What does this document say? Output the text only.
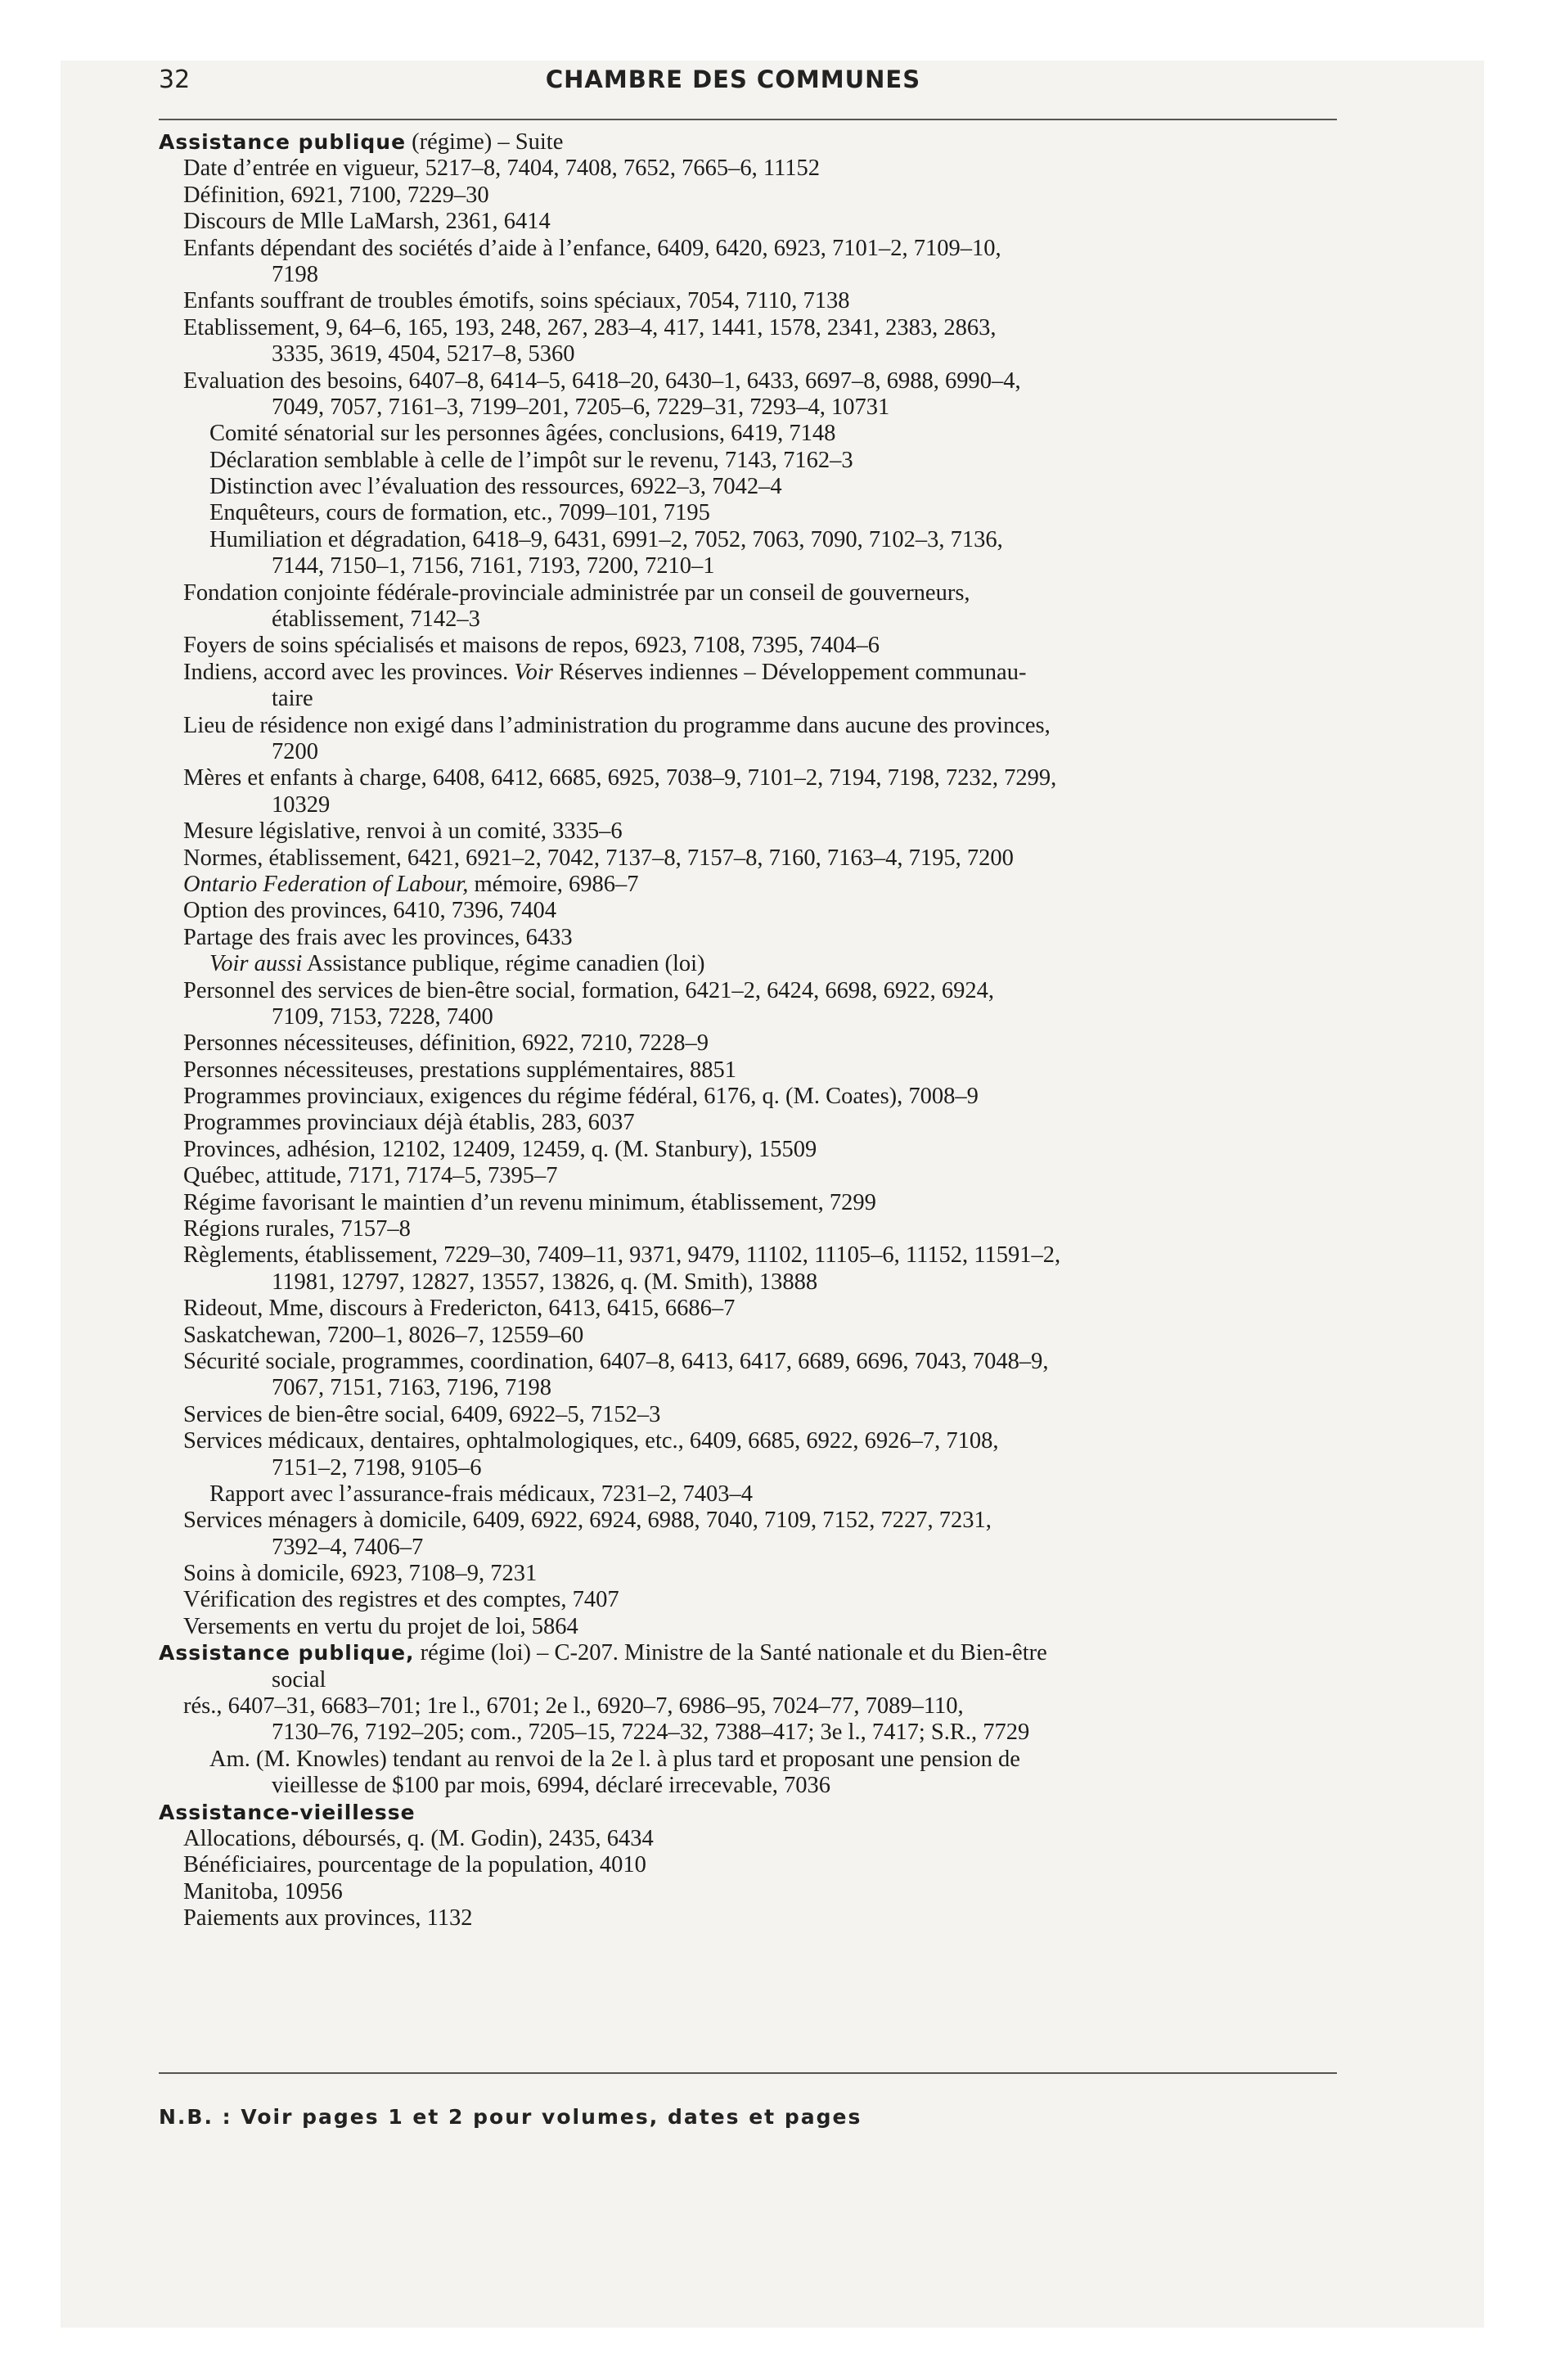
32	CHAMBRE DES COMMUNES
Assistance publique (régime) – Suite
Date d’entrée en vigueur, 5217–8, 7404, 7408, 7652, 7665–6, 11152
Définition, 6921, 7100, 7229–30
Discours de Mlle LaMarsh, 2361, 6414
Enfants dépendant des sociétés d’aide à l’enfance, 6409, 6420, 6923, 7101–2, 7109–10,
7198
Enfants souffrant de troubles émotifs, soins spéciaux, 7054, 7110, 7138
Etablissement, 9, 64–6, 165, 193, 248, 267, 283–4, 417, 1441, 1578, 2341, 2383, 2863,
3335, 3619, 4504, 5217–8, 5360
Evaluation des besoins, 6407–8, 6414–5, 6418–20, 6430–1, 6433, 6697–8, 6988, 6990–4,
7049, 7057, 7161–3, 7199–201, 7205–6, 7229–31, 7293–4, 10731
Comité sénatorial sur les personnes âgées, conclusions, 6419, 7148
Déclaration semblable à celle de l’impôt sur le revenu, 7143, 7162–3
Distinction avec l’évaluation des ressources, 6922–3, 7042–4
Enquêteurs, cours de formation, etc., 7099–101, 7195
Humiliation et dégradation, 6418–9, 6431, 6991–2, 7052, 7063, 7090, 7102–3, 7136,
7144, 7150–1, 7156, 7161, 7193, 7200, 7210–1
Fondation conjointe fédérale-provinciale administrée par un conseil de gouverneurs,
établissement, 7142–3
Foyers de soins spécialisés et maisons de repos, 6923, 7108, 7395, 7404–6
Indiens, accord avec les provinces. Voir Réserves indiennes – Développement communau-
taire
Lieu de résidence non exigé dans l’administration du programme dans aucune des provinces,
7200
Mères et enfants à charge, 6408, 6412, 6685, 6925, 7038–9, 7101–2, 7194, 7198, 7232, 7299,
10329
Mesure législative, renvoi à un comité, 3335–6
Normes, établissement, 6421, 6921–2, 7042, 7137–8, 7157–8, 7160, 7163–4, 7195, 7200
Ontario Federation of Labour, mémoire, 6986–7
Option des provinces, 6410, 7396, 7404
Partage des frais avec les provinces, 6433
Voir aussi Assistance publique, régime canadien (loi)
Personnel des services de bien-être social, formation, 6421–2, 6424, 6698, 6922, 6924,
7109, 7153, 7228, 7400
Personnes nécessiteuses, définition, 6922, 7210, 7228–9
Personnes nécessiteuses, prestations supplémentaires, 8851
Programmes provinciaux, exigences du régime fédéral, 6176, q. (M. Coates), 7008–9
Programmes provinciaux déjà établis, 283, 6037
Provinces, adhésion, 12102, 12409, 12459, q. (M. Stanbury), 15509
Québec, attitude, 7171, 7174–5, 7395–7
Régime favorisant le maintien d’un revenu minimum, établissement, 7299
Régions rurales, 7157–8
Règlements, établissement, 7229–30, 7409–11, 9371, 9479, 11102, 11105–6, 11152, 11591–2,
11981, 12797, 12827, 13557, 13826, q. (M. Smith), 13888
Rideout, Mme, discours à Fredericton, 6413, 6415, 6686–7
Saskatchewan, 7200–1, 8026–7, 12559–60
Sécurité sociale, programmes, coordination, 6407–8, 6413, 6417, 6689, 6696, 7043, 7048–9,
7067, 7151, 7163, 7196, 7198
Services de bien-être social, 6409, 6922–5, 7152–3
Services médicaux, dentaires, ophtalmologiques, etc., 6409, 6685, 6922, 6926–7, 7108,
7151–2, 7198, 9105–6
Rapport avec l’assurance-frais médicaux, 7231–2, 7403–4
Services ménagers à domicile, 6409, 6922, 6924, 6988, 7040, 7109, 7152, 7227, 7231,
7392–4, 7406–7
Soins à domicile, 6923, 7108–9, 7231
Vérification des registres et des comptes, 7407
Versements en vertu du projet de loi, 5864
Assistance publique, régime (loi) – C-207. Ministre de la Santé nationale et du Bien-être
social
rés., 6407–31, 6683–701; 1re l., 6701; 2e l., 6920–7, 6986–95, 7024–77, 7089–110,
7130–76, 7192–205; com., 7205–15, 7224–32, 7388–417; 3e l., 7417; S.R., 7729
Am. (M. Knowles) tendant au renvoi de la 2e l. à plus tard et proposant une pension de
vieillesse de $100 par mois, 6994, déclaré irrecevable, 7036
Assistance-vieillesse
Allocations, déboursés, q. (M. Godin), 2435, 6434
Bénéficiaires, pourcentage de la population, 4010
Manitoba, 10956
Paiements aux provinces, 1132
N.B. : Voir pages 1 et 2 pour volumes, dates et pages
